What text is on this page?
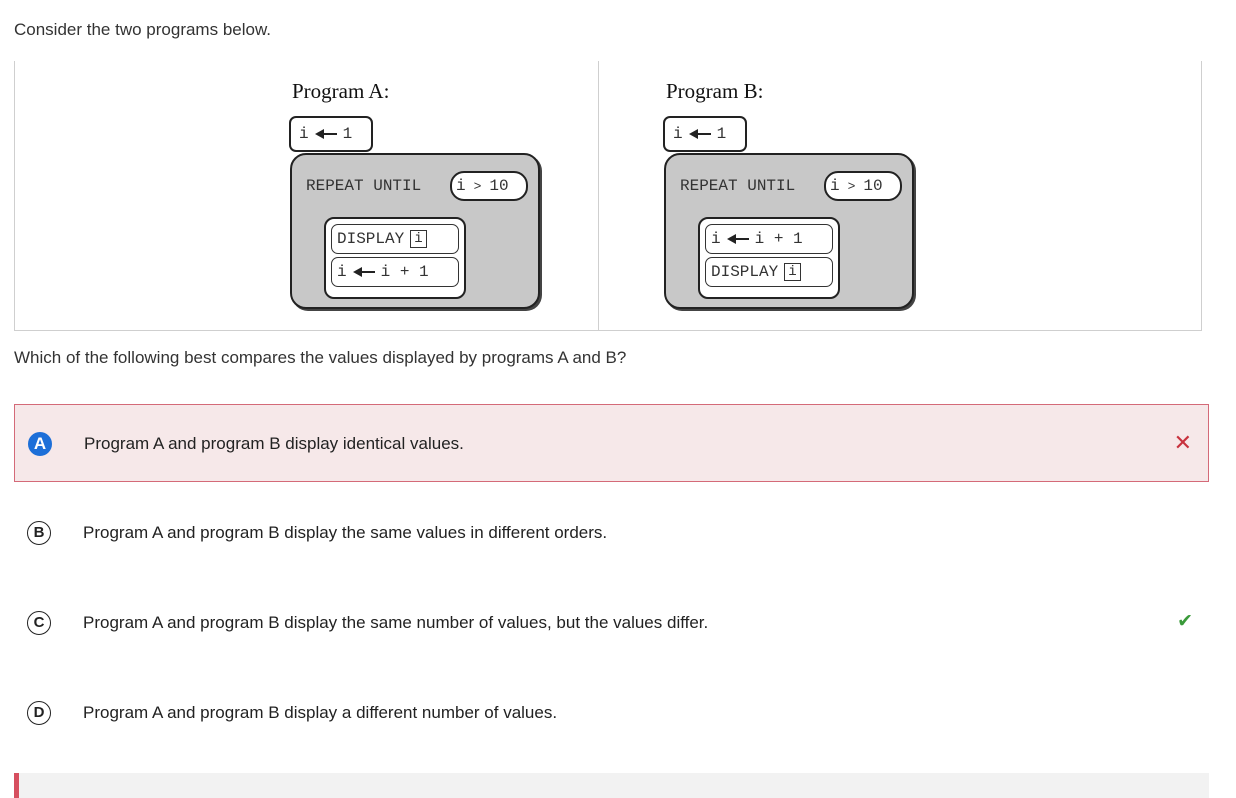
Consider the two programs below.
Program A:
i 1
REPEAT UNTIL i > 10
DISPLAY i
i i + 1
Program B:
i 1
REPEAT UNTIL i > 10
i i + 1
DISPLAY i
Which of the following best compares the values displayed by programs A and B?
A	Program A and program B display identical values.	✕
B	Program A and program B display the same values in different orders.
C	Program A and program B display the same number of values, but the values differ.	✔
D	Program A and program B display a different number of values.
